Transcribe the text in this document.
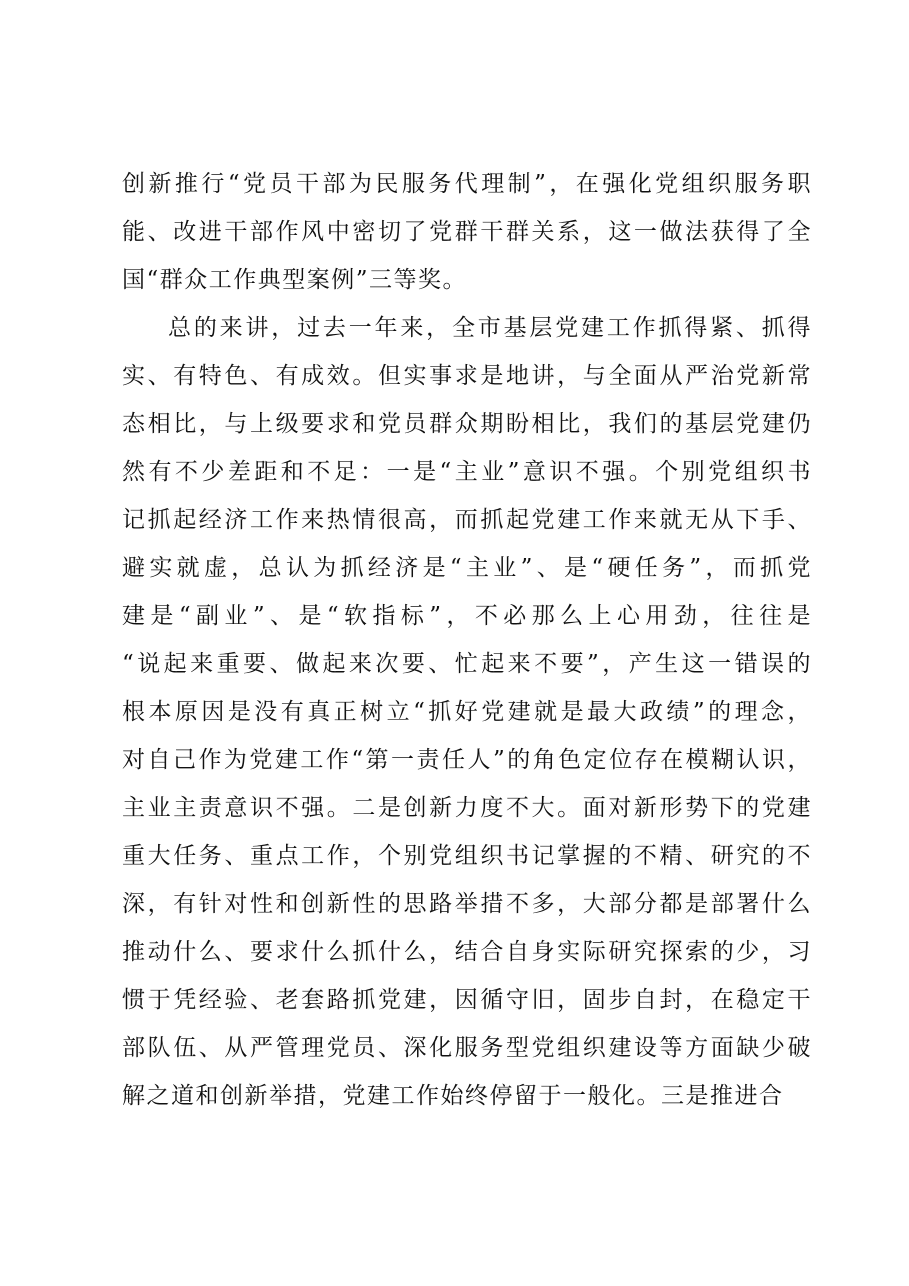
创新推行“党员干部为民服务代理制”，在强化党组织服务职
能、改进干部作风中密切了党群干群关系，这一做法获得了全
国“群众工作典型案例”三等奖。
总的来讲，过去一年来，全市基层党建工作抓得紧、抓得
实、有特色、有成效。但实事求是地讲，与全面从严治党新常
态相比，与上级要求和党员群众期盼相比，我们的基层党建仍
然有不少差距和不足：一是“主业”意识不强。个别党组织书
记抓起经济工作来热情很高，而抓起党建工作来就无从下手、
避实就虚，总认为抓经济是“主业”、是“硬任务”，而抓党
建是“副业”、是“软指标”，不必那么上心用劲，往往是
“说起来重要、做起来次要、忙起来不要”，产生这一错误的
根本原因是没有真正树立“抓好党建就是最大政绩”的理念，
对自己作为党建工作“第一责任人”的角色定位存在模糊认识，
主业主责意识不强。二是创新力度不大。面对新形势下的党建
重大任务、重点工作，个别党组织书记掌握的不精、研究的不
深，有针对性和创新性的思路举措不多，大部分都是部署什么
推动什么、要求什么抓什么，结合自身实际研究探索的少，习
惯于凭经验、老套路抓党建，因循守旧，固步自封，在稳定干
部队伍、从严管理党员、深化服务型党组织建设等方面缺少破
解之道和创新举措，党建工作始终停留于一般化。三是推进合
